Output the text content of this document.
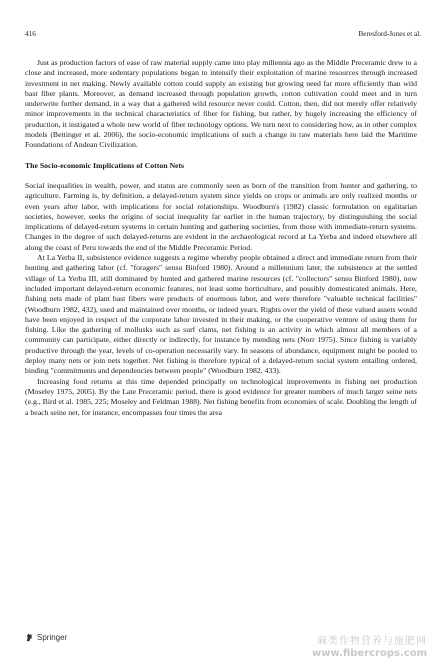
416	Beresford-Jones et al.

Just as production factors of ease of raw material supply came into play millennia ago as the Middle Preceramic drew to a close and increased, more sedentary populations began to intensify their exploitation of marine resources through increased investment in net making. Newly available cotton could supply an existing but growing need far more efficiently than wild bast fiber plants. Moreover, as demand increased through population growth, cotton cultivation could meet and in turn underwrite further demand, in a way that a gathered wild resource never could. Cotton, then, did not merely offer relatively minor improvements in the technical characteristics of fiber for fishing, but rather, by hugely increasing the efficiency of production, it instigated a whole new world of fiber technology options. We turn next to considering how, as in other complex models (Bettinger et al. 2006), the socio-economic implications of such a change in raw materials here laid the Maritime Foundations of Andean Civilization.

The Socio-economic Implications of Cotton Nets

Social inequalities in wealth, power, and status are commonly seen as born of the transition from hunter and gathering, to agriculture. Farming is, by definition, a delayed-return system since yields on crops or animals are only realized months or even years after labor, with implications for social relationships. Woodburn's (1982) classic formulation on egalitarian societies, however, seeks the origins of social inequality far earlier in the human trajectory, by distinguishing the social implications of delayed-return systems in certain hunting and gathering societies, from those with immediate-return systems. Changes in the degree of such delayed-returns are evident in the archaeological record at La Yerba and indeed elsewhere all along the coast of Peru towards the end of the Middle Preceramic Period.

At La Yerba II, subsistence evidence suggests a regime whereby people obtained a direct and immediate return from their hunting and gathering labor (cf. "foragers" sensu Binford 1980). Around a millennium later, the subsistence at the settled village of La Yerba III, still dominated by hunted and gathered marine resources (cf. "collectors" sensu Binford 1980), now included important delayed-return economic features, not least some horticulture, and possibly domesticated animals. Here, fishing nets made of plant bast fibers were products of enormous labor, and were therefore "valuable technical facilities" (Woodburn 1982, 432), used and maintained over months, or indeed years. Rights over the yield of these valued assets would have been enjoyed in respect of the corporate labor invested in their making, or the cooperative venture of using them for fishing. Like the gathering of mollusks such as surf clams, net fishing is an activity in which almost all members of a community can participate, either directly or indirectly, for instance by mending nets (Norr 1975). Since fishing is variably productive through the year, levels of co-operation necessarily vary. In seasons of abundance, equipment might be pooled to deploy many nets or join nets together. Net fishing is therefore typical of a delayed-return social system entailing ordered, binding "commitments and dependencies between people" (Woodburn 1982, 433).

Increasing food returns at this time depended principally on technological improvements in fishing net production (Moseley 1975, 2005). By the Late Preceramic period, there is good evidence for greater numbers of much larger seine nets (e.g., Bird et al. 1985, 225; Moseley and Feldman 1988). Net fishing benefits from economies of scale. Doubling the length of a beach seine net, for instance, encompasses four times the area

Springer	麻类作物营养与施肥网
www.fibercrops.com
